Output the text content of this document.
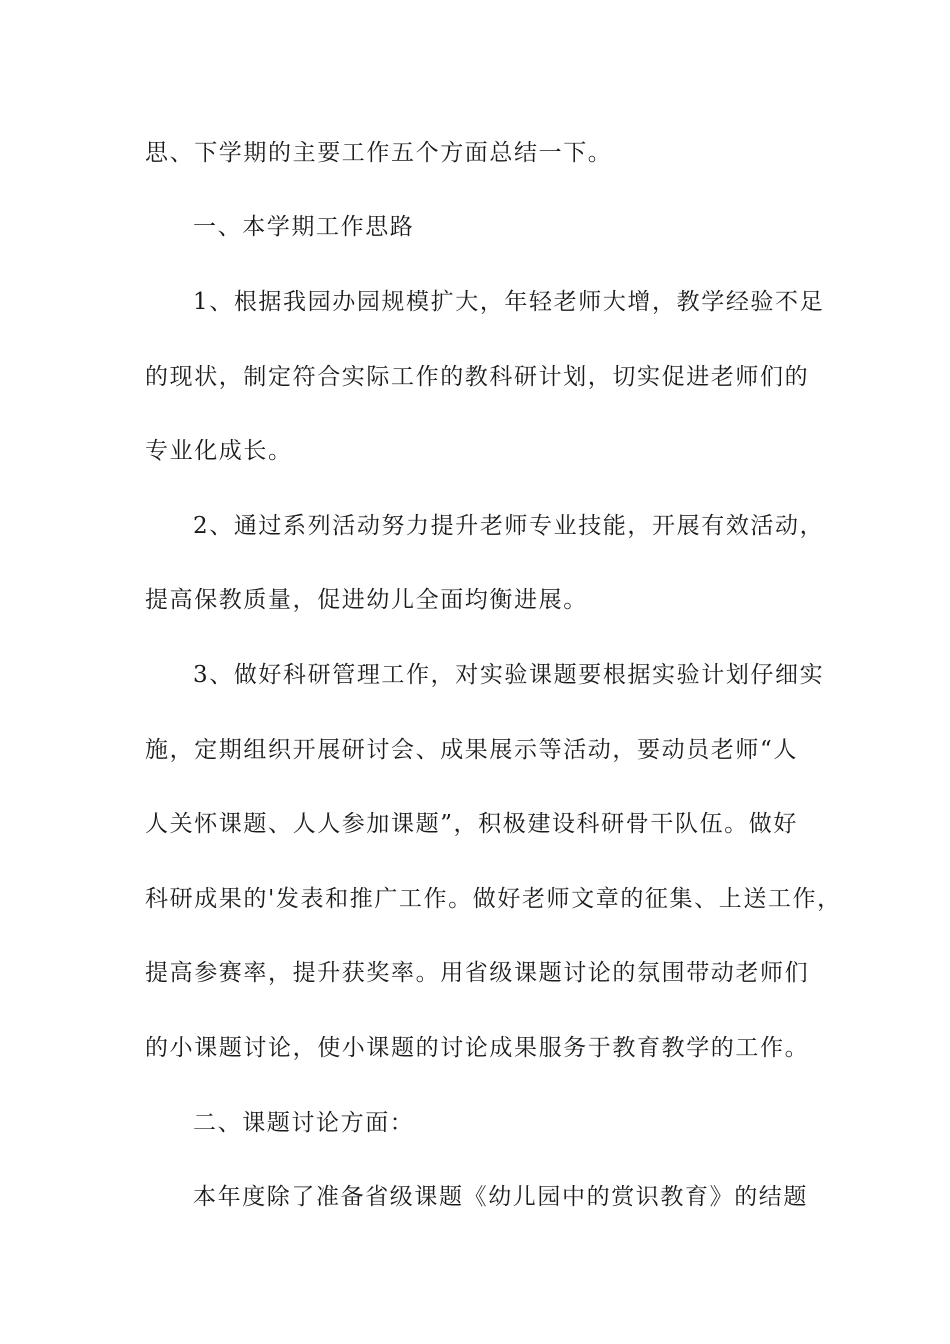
思、下学期的主要工作五个方面总结一下。
一、本学期工作思路
1、根据我园办园规模扩大，年轻老师大增，教学经验不足
的现状，制定符合实际工作的教科研计划，切实促进老师们的
专业化成长。
2、通过系列活动努力提升老师专业技能，开展有效活动，
提高保教质量，促进幼儿全面均衡进展。
3、做好科研管理工作，对实验课题要根据实验计划仔细实
施，定期组织开展研讨会、成果展示等活动，要动员老师“人
人关怀课题、人人参加课题”，积极建设科研骨干队伍。做好
科研成果的'发表和推广工作。做好老师文章的征集、上送工作，
提高参赛率，提升获奖率。用省级课题讨论的氛围带动老师们
的小课题讨论，使小课题的讨论成果服务于教育教学的工作。
二、课题讨论方面：
本年度除了准备省级课题《幼儿园中的赏识教育》的结题
